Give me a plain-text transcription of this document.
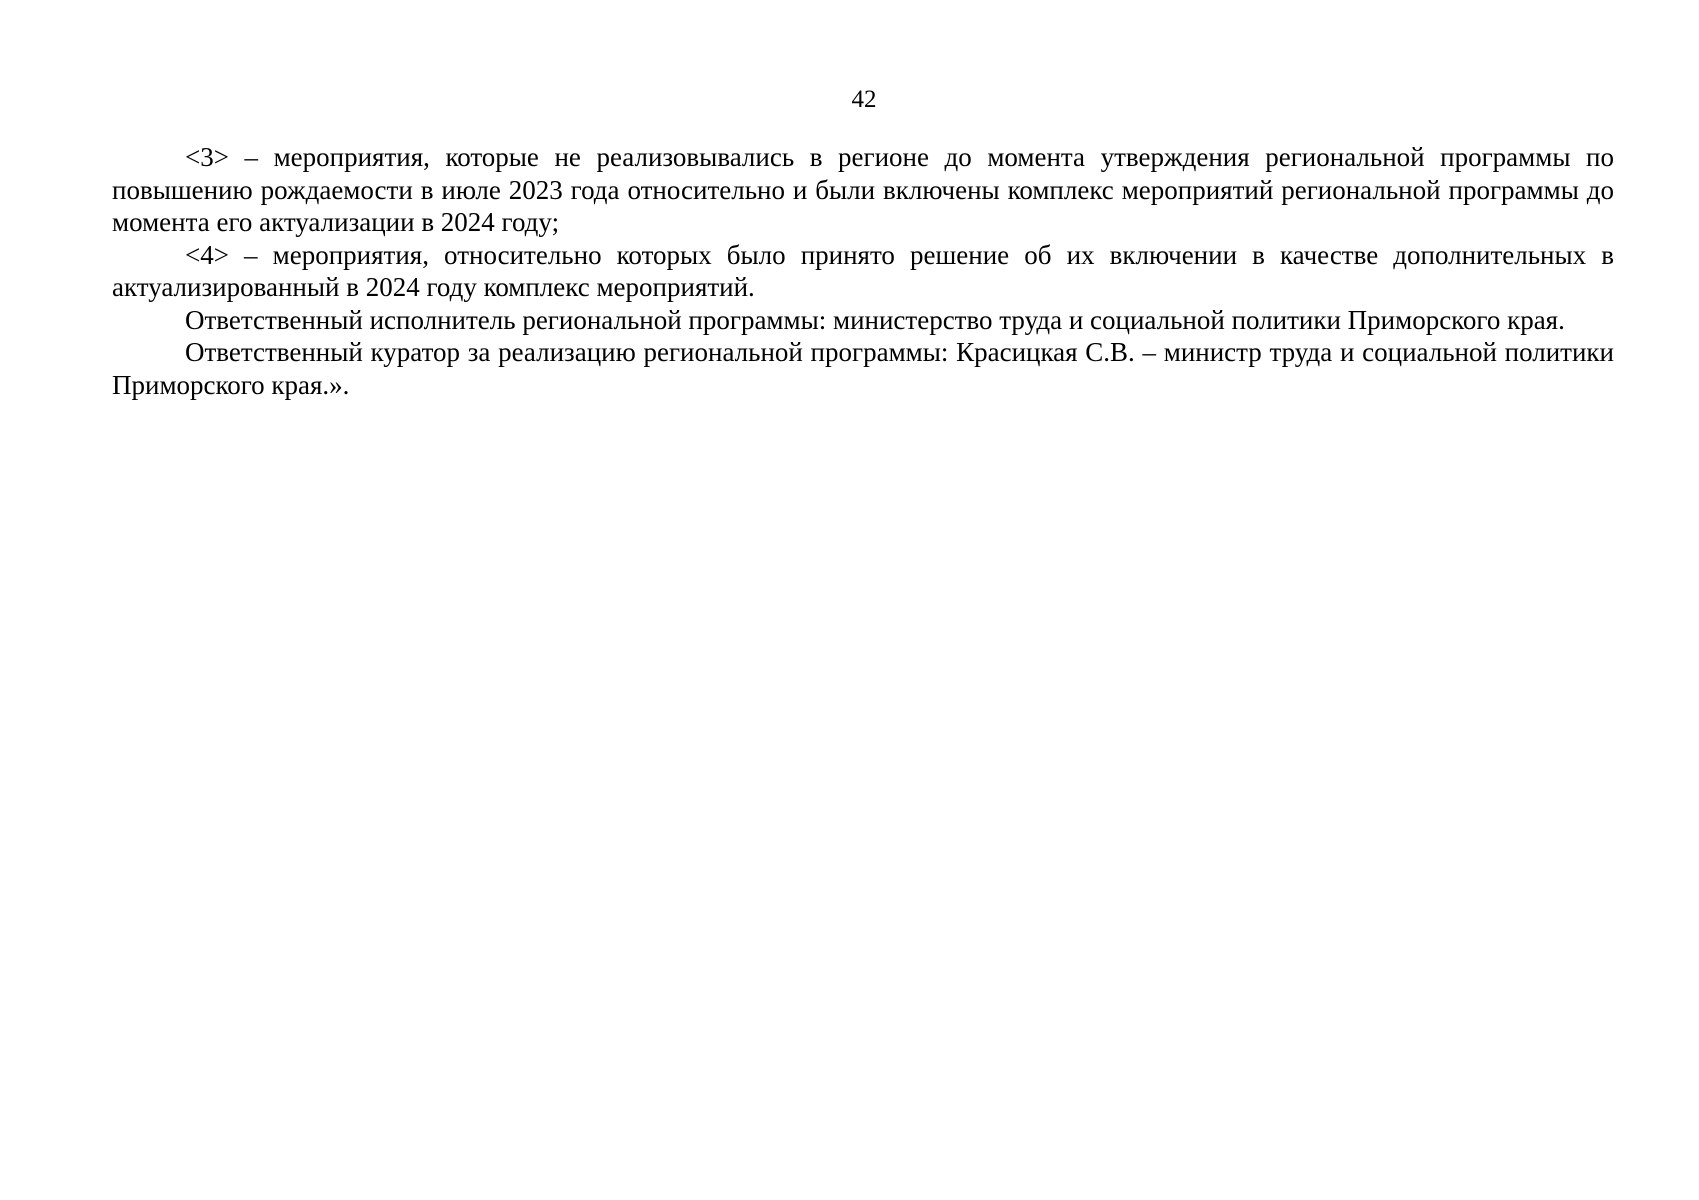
42

<3> – мероприятия, которые не реализовывались в регионе до момента утверждения региональной программы по повышению рождаемости в июле 2023 года относительно и были включены комплекс мероприятий региональной программы до момента его актуализации в 2024 году;

<4> – мероприятия, относительно которых было принято решение об их включении в качестве дополнительных в актуализированный в 2024 году комплекс мероприятий.

Ответственный исполнитель региональной программы: министерство труда и социальной политики Приморского края.

Ответственный куратор за реализацию региональной программы: Красицкая С.В. – министр труда и социальной политики Приморского края.».
